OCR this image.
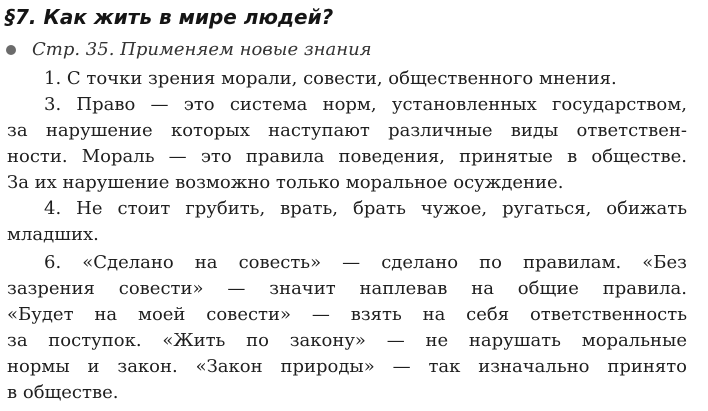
§7. Как жить в мире людей?
Стр. 35. Применяем новые знания
1. С точки зрения морали, совести, общественного мнения.
3. Право — это система норм, установленных государством,
за нарушение которых наступают различные виды ответствен-
ности. Мораль — это правила поведения, принятые в обществе.
За их нарушение возможно только моральное осуждение.
4. Не стоит грубить, врать, брать чужое, ругаться, обижать
младших.
6. «Сделано на совесть» — сделано по правилам. «Без
зазрения совести» — значит наплевав на общие правила.
«Будет на моей совести» — взять на себя ответственность
за поступок. «Жить по закону» — не нарушать моральные
нормы и закон. «Закон природы» — так изначально принято
в обществе.
